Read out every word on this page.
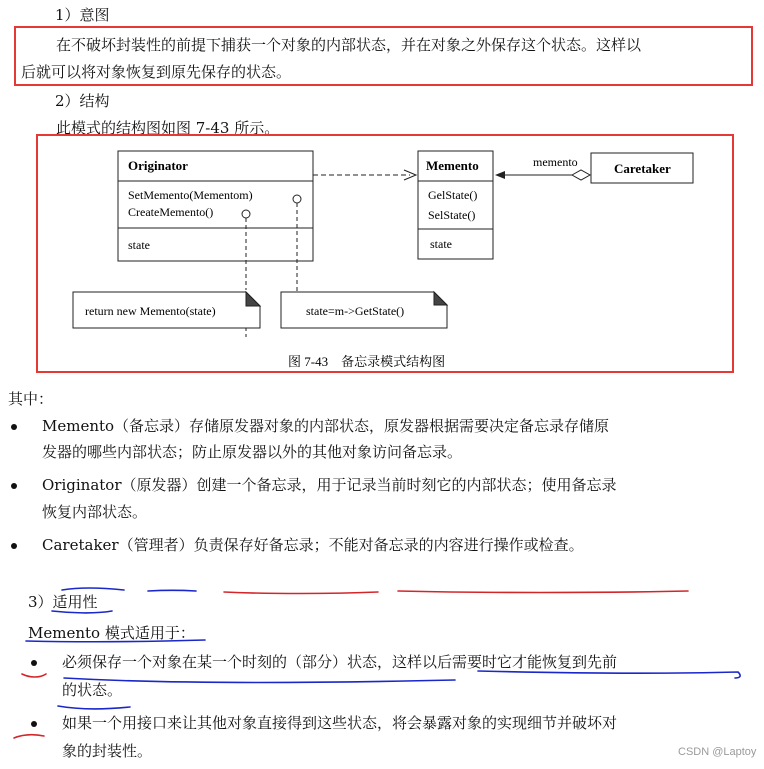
1）意图
在不破坏封装性的前提下捕获一个对象的内部状态，并在对象之外保存这个状态。这样以
后就可以将对象恢复到原先保存的状态。
2）结构
此模式的结构图如图 7-43 所示。
Originator
SetMemento(Mementom)
CreateMemento()
state
Memento
GelState()
SelState()
state
Caretaker
memento
return new Memento(state)	state=m->GetState()
图 7-43　备忘录模式结构图
其中：
Memento（备忘录）存储原发器对象的内部状态，原发器根据需要决定备忘录存储原
发器的哪些内部状态；防止原发器以外的其他对象访问备忘录。
Originator（原发器）创建一个备忘录，用于记录当前时刻它的内部状态；使用备忘录
恢复内部状态。
Caretaker（管理者）负责保存好备忘录；不能对备忘录的内容进行操作或检查。
3）适用性
Memento 模式适用于：
必须保存一个对象在某一个时刻的（部分）状态，这样以后需要时它才能恢复到先前
的状态。
如果一个用接口来让其他对象直接得到这些状态，将会暴露对象的实现细节并破坏对
象的封装性。	CSDN @Laptoy
